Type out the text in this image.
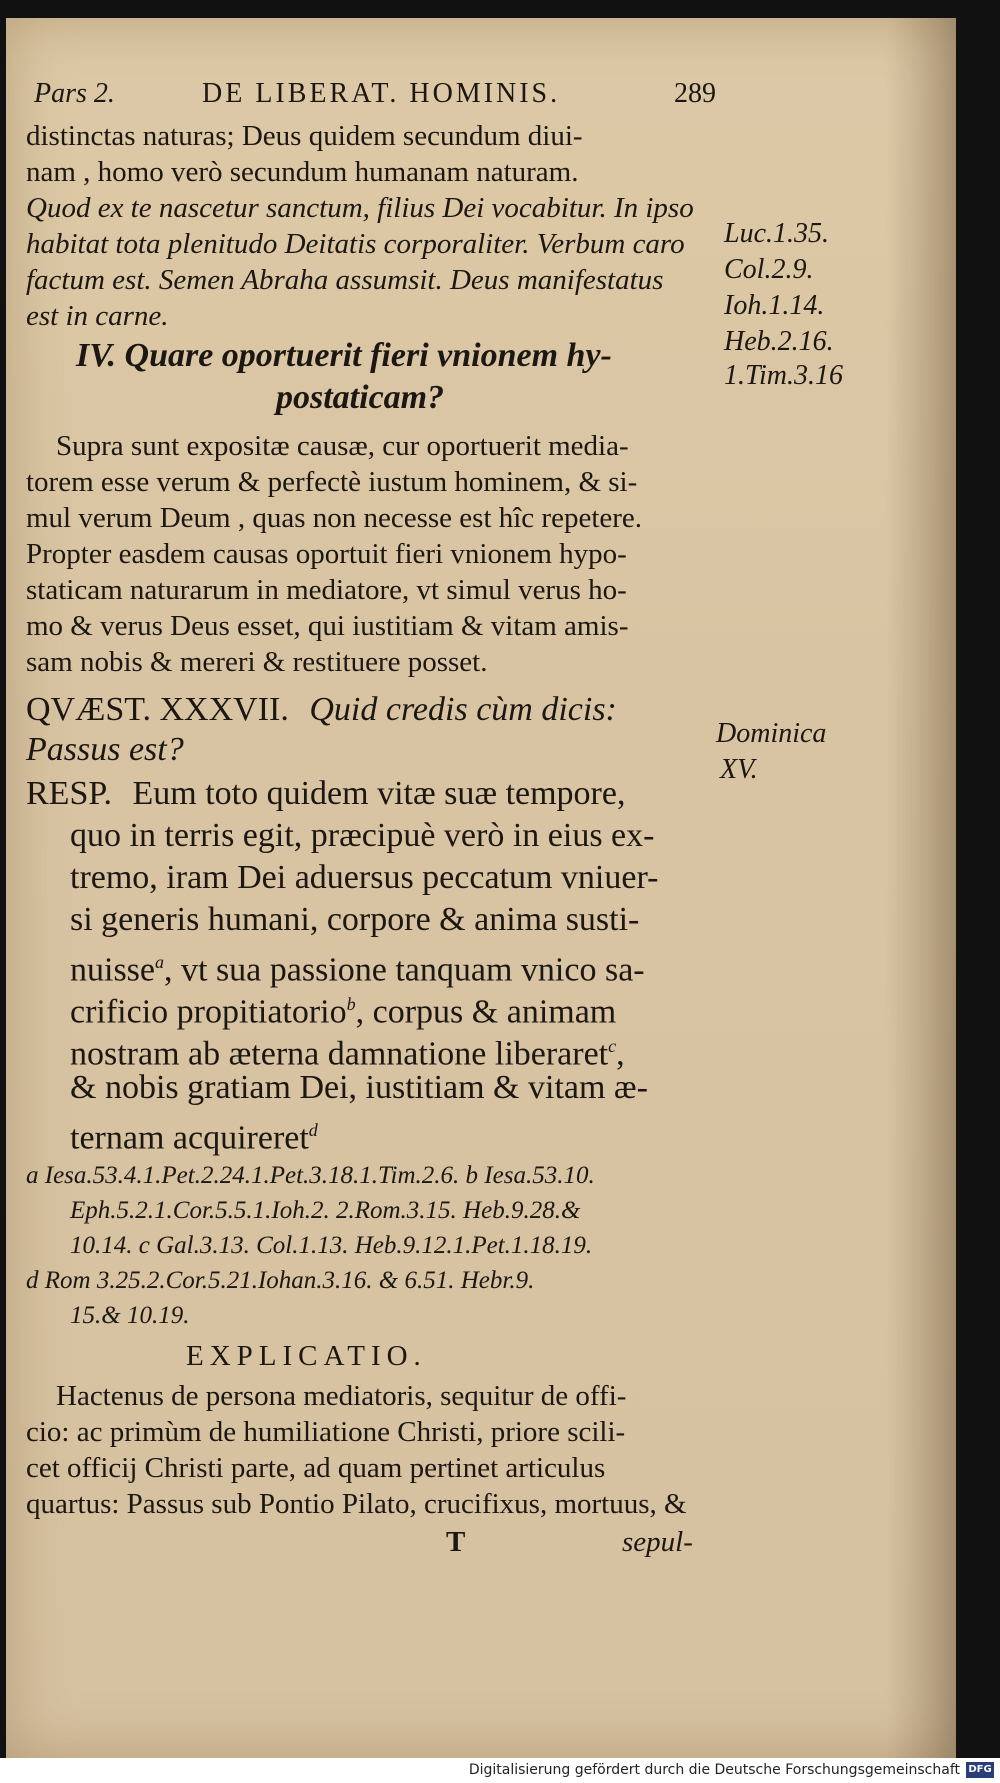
Pars 2.	DE LIBERAT. HOMINIS.	289
distinctas naturas; Deus quidem secundum diui-
nam , homo verò secundum humanam naturam.
Quod ex te nascetur sanctum, filius Dei vocabitur. In ipso
habitat tota plenitudo Deitatis corporaliter. Verbum caro
factum est. Semen Abraha assumsit. Deus manifestatus
est in carne.
IV. Quare oportuerit fieri vnionem hy-
postaticam?
Supra sunt expositæ causæ, cur oportuerit media-
torem esse verum & perfectè iustum hominem, & si-
mul verum Deum , quas non necesse est hîc repetere.
Propter easdem causas oportuit fieri vnionem hypo-
staticam naturarum in mediatore, vt simul verus ho-
mo & verus Deus esset, qui iustitiam & vitam amis-
sam nobis & mereri & restituere posset.
QVÆST. XXXVII. Quid credis cùm dicis:
Passus est?
RESP. Eum toto quidem vitæ suæ tempore,
quo in terris egit, præcipuè verò in eius ex-
tremo, iram Dei aduersus peccatum vniuer-
si generis humani, corpore & anima susti-
nuisse$^a$, vt sua passione tanquam vnico sa-
crificio propitiatorio$^b$, corpus & animam
nostram ab æterna damnatione liberaret$^c$,
& nobis gratiam Dei, iustitiam & vitam æ-
ternam acquireret$^d$
a Iesa.53.4.1.Pet.2.24.1.Pet.3.18.1.Tim.2.6. b Iesa.53.10.
Eph.5.2.1.Cor.5.5.1.Ioh.2. 2.Rom.3.15. Heb.9.28.&
10.14. c Gal.3.13. Col.1.13. Heb.9.12.1.Pet.1.18.19.
d Rom 3.25.2.Cor.5.21.Iohan.3.16. & 6.51. Hebr.9.
15.& 10.19.
EXPLICATIO.
Hactenus de persona mediatoris, sequitur de offi-
cio: ac primùm de humiliatione Christi, priore scili-
cet officij Christi parte, ad quam pertinet articulus
quartus: Passus sub Pontio Pilato, crucifixus, mortuus, &
T	sepul-
Luc.1.35.
Col.2.9.
Ioh.1.14.
Heb.2.16.
1.Tim.3.16
Dominica
XV.
Digitalisierung gefördert durch die Deutsche Forschungsgemeinschaft DFG
